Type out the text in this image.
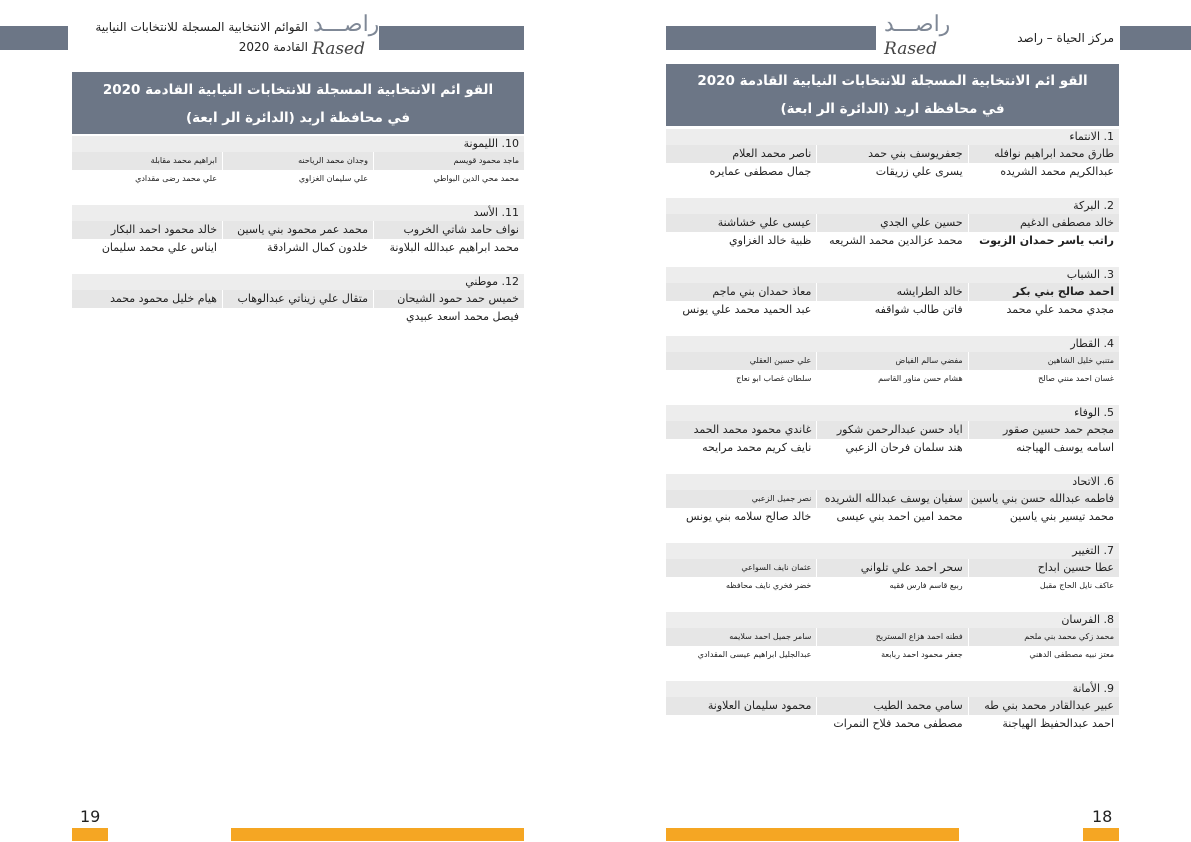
القوائم الانتخابية المسجلة للانتخابات النيابية
القادمة 2020
راصـــد
Rased
القو ائم الانتخابية المسجلة للانتخابات النيابية القادمة 2020
في محافظة اربد (الدائرة الر ابعة)
10. الليمونة
ماجد محمود قويسم
وجدان محمد الرياحنه
ابراهيم محمد مقابلة
محمد محي الدين البواطي
علي سليمان الغزاوي
علي محمد رضى مقدادي
11. الأسد
نواف حامد شاتي الخروب
محمد عمر محمود بني ياسين
خالد محمود احمد البكار
محمد ابراهيم عبدالله البلاونة
خلدون كمال الشرادقة
ايناس علي محمد سليمان
12. موطني
خميس حمد حمود الشيحان
متقال علي زيناتي عبدالوهاب
هيام خليل محمود محمد
فيصل محمد اسعد عبيدي
19
راصـــد
Rased
مركز الحياة – راصد
القو ائم الانتخابية المسجلة للانتخابات النيابية القادمة 2020
في محافظة اربد (الدائرة الر ابعة)
1. الانتماء
طارق محمد ابراهيم نوافله
جعفريوسف بني حمد
ناصر محمد العلام
عبدالكريم محمد الشريده
يسرى علي زريقات
جمال مصطفى عمايره
2. البركة
خالد مصطفى الدغيم
حسين علي الجدي
عيسى علي خشاشنة
راتب ياسر حمدان الزيوت
محمد عزالدين محمد الشريعه
ظبية خالد الغزاوي
3. الشباب
احمد صالح بني بكر
خالد الطرايشه
معاذ حمدان بني ماجم
مجدي محمد علي محمد
فاتن طالب شواقفه
عبد الحميد محمد علي يونس
4. القطار
متنبي خليل الشاهين
مفضي سالم الفياض
علي حسين العقلي
غسان احمد منني صالح
هشام حسن مناور القاسم
سلطان غصاب ابو نعاج
5. الوفاء
مجحم حمد حسين صقور
اياد حسن عبدالرحمن شكور
غاندي محمود محمد الحمد
اسامه يوسف الهياجنه
هند سلمان فرحان الزعبي
نايف كريم محمد مرايحه
6. الاتحاد
فاطمه عبدالله حسن بني ياسين
سفيان يوسف عبدالله الشريده
نصر جميل الزعبي
محمد تيسير بني ياسين
محمد امين احمد بني عيسى
خالد صالح سلامه بني يونس
7. التغيير
عطا حسين ابداح
سحر احمد علي تلواني
عثمان نايف السواعي
عاكف نايل الحاج مقبل
ربيع قاسم فارس فقيه
خضر فخري نايف محافظه
8. الفرسان
محمد زكي محمد بني ملحم
فطنه احمد هزاع المستريح
سامر جميل احمد سلايمه
معتز نبيه مصطفى الدهني
جعفر محمود احمد ربابعة
عبدالجليل ابراهيم عيسى المقدادي
9. الأمانة
عبير عبدالقادر محمد بني طه
سامي محمد الطيب
محمود سليمان العلاونة
احمد عبدالحفيظ الهياجنة
مصطفى محمد فلاح النمرات
18
